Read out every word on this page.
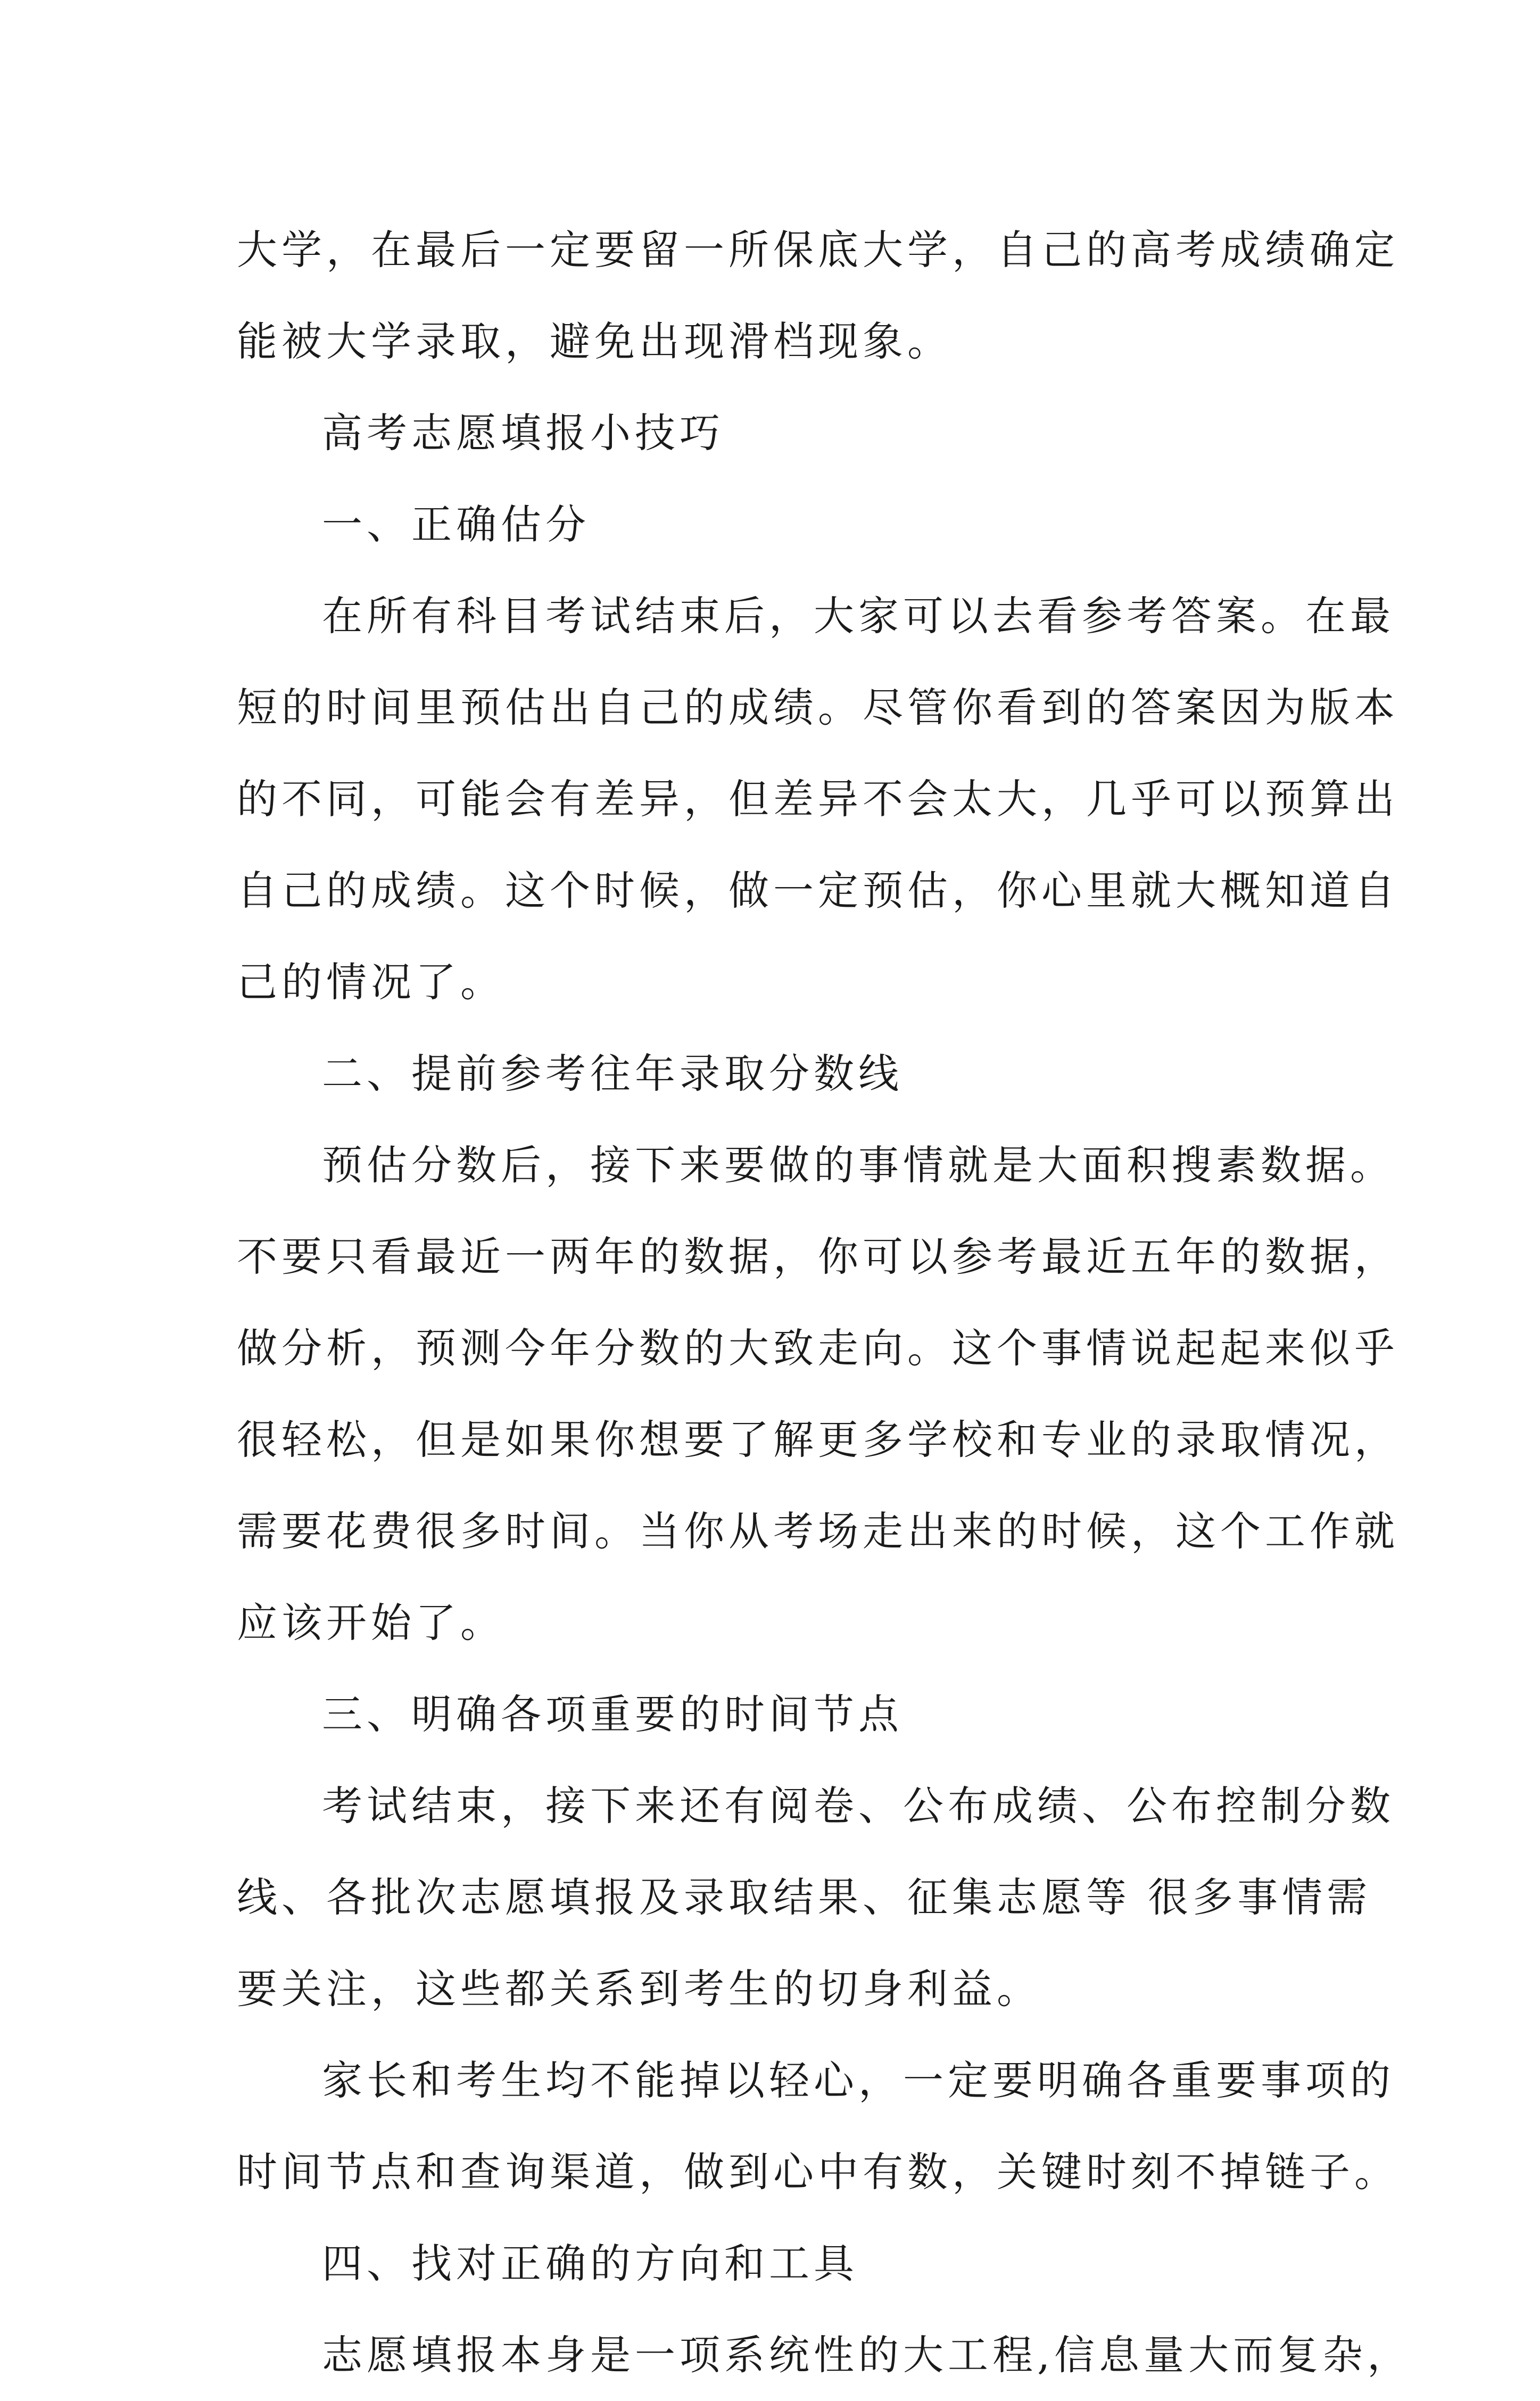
大学，在最后一定要留一所保底大学，自己的高考成绩确定
能被大学录取，避免出现滑档现象。
高考志愿填报小技巧
一、正确估分
在所有科目考试结束后，大家可以去看参考答案。在最
短的时间里预估出自己的成绩。尽管你看到的答案因为版本
的不同，可能会有差异，但差异不会太大，几乎可以预算出
自己的成绩。这个时候，做一定预估，你心里就大概知道自
己的情况了。
二、提前参考往年录取分数线
预估分数后，接下来要做的事情就是大面积搜素数据。
不要只看最近一两年的数据，你可以参考最近五年的数据，
做分析，预测今年分数的大致走向。这个事情说起起来似乎
很轻松，但是如果你想要了解更多学校和专业的录取情况，
需要花费很多时间。当你从考场走出来的时候，这个工作就
应该开始了。
三、明确各项重要的时间节点
考试结束，接下来还有阅卷、公布成绩、公布控制分数
线、各批次志愿填报及录取结果、征集志愿等 很多事情需
要关注，这些都关系到考生的切身利益。
家长和考生均不能掉以轻心，一定要明确各重要事项的
时间节点和查询渠道，做到心中有数，关键时刻不掉链子。
四、找对正确的方向和工具
志愿填报本身是一项系统性的大工程,信息量大而复杂，
